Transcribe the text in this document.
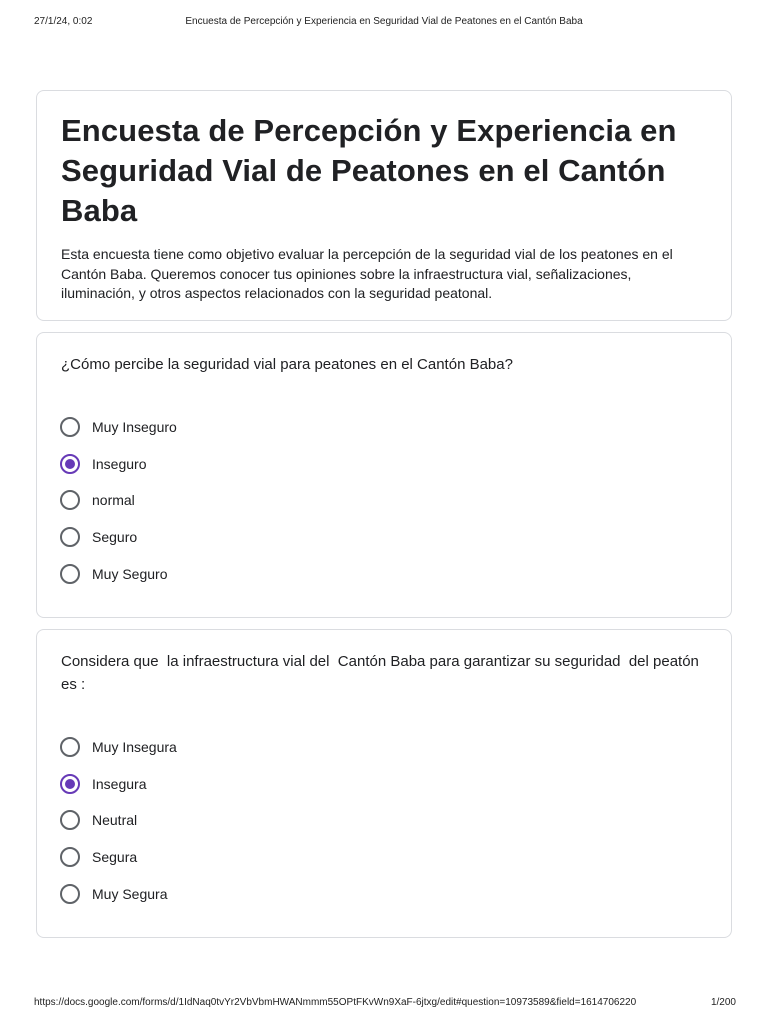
27/1/24, 0:02	Encuesta de Percepción y Experiencia en Seguridad Vial de Peatones en el Cantón Baba
Encuesta de Percepción y Experiencia en Seguridad Vial de Peatones en el Cantón Baba

Esta encuesta tiene como objetivo evaluar la percepción de la seguridad vial de los peatones en el Cantón Baba. Queremos conocer tus opiniones sobre la infraestructura vial, señalizaciones, iluminación, y otros aspectos relacionados con la seguridad peatonal.

¿Cómo percibe la seguridad vial para peatones en el Cantón Baba?
Muy Inseguro
Inseguro
normal
Seguro
Muy Seguro
Considera que  la infraestructura vial del  Cantón Baba para garantizar su seguridad  del peatón es :
Muy Insegura
Insegura
Neutral
Segura
Muy Segura
https://docs.google.com/forms/d/1IdNaq0tvYr2VbVbmHWANmmm55OPtFKvWn9XaF-6jtxg/edit#question=10973589&field=1614706220	1/200
